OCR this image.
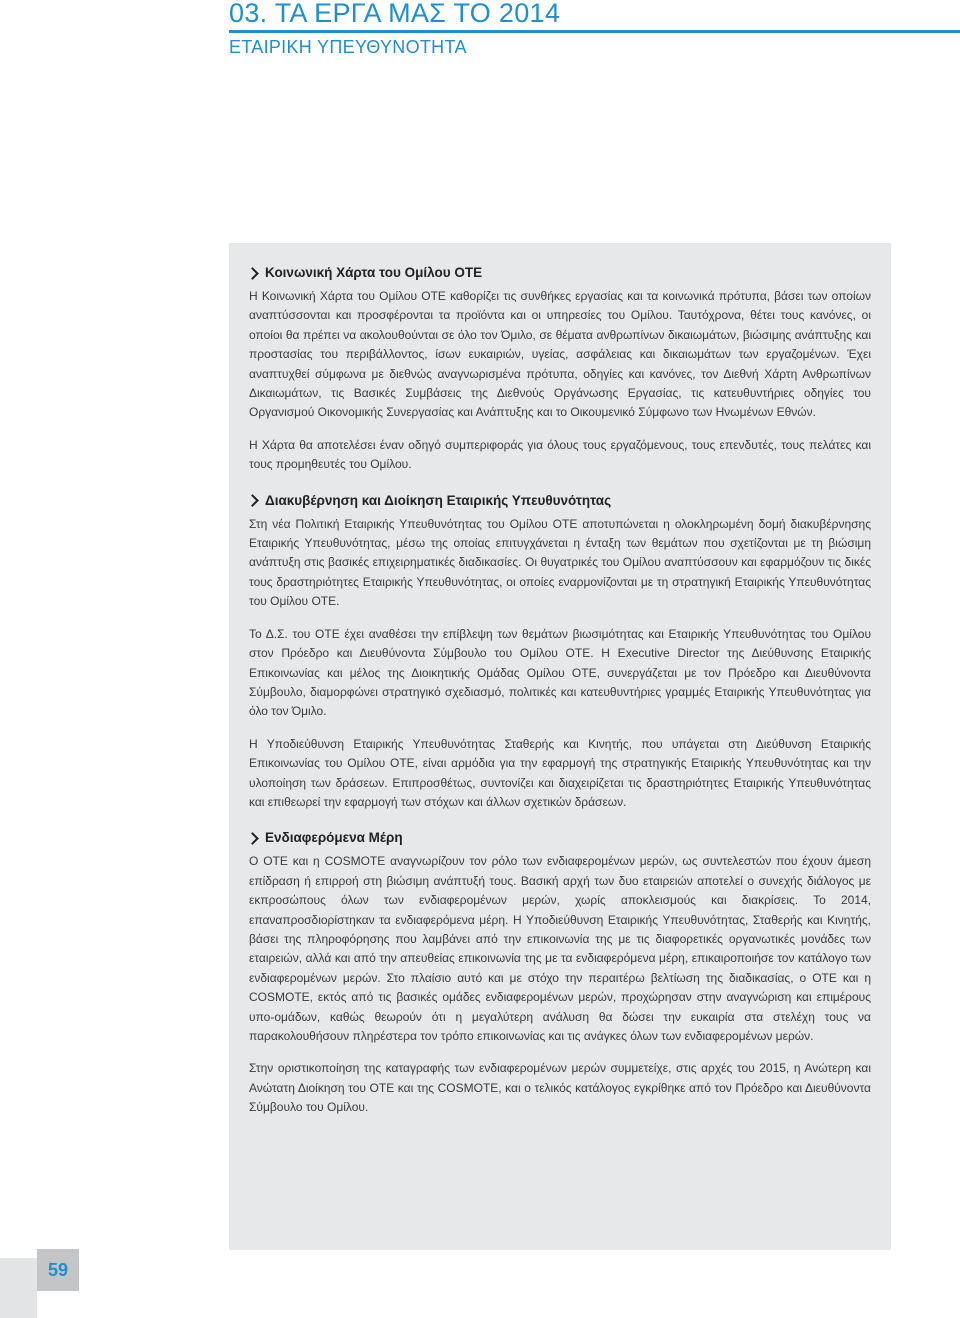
03. ΤΑ ΕΡΓΑ ΜΑΣ ΤΟ 2014
ΕΤΑΙΡΙΚΗ ΥΠΕΥΘΥΝΟΤΗΤΑ
Κοινωνική Χάρτα του Ομίλου ΟΤΕ

Η Κοινωνική Χάρτα του Ομίλου ΟΤΕ καθορίζει τις συνθήκες εργασίας και τα κοινωνικά πρότυπα, βάσει των οποίων αναπτύσσονται και προσφέρονται τα προϊόντα και οι υπηρεσίες του Ομίλου. Ταυτόχρονα, θέτει τους κανόνες, οι οποίοι θα πρέπει να ακολουθούνται σε όλο τον Όμιλο, σε θέματα ανθρωπίνων δικαιωμάτων, βιώσιμης ανάπτυξης και προστασίας του περιβάλλοντος, ίσων ευκαιριών, υγείας, ασφάλειας και δικαιωμάτων των εργαζομένων. Έχει αναπτυχθεί σύμφωνα με διεθνώς αναγνωρισμένα πρότυπα, οδηγίες και κανόνες, τον Διεθνή Χάρτη Ανθρωπίνων Δικαιωμάτων, τις Βασικές Συμβάσεις της Διεθνούς Οργάνωσης Εργασίας, τις κατευθυντήριες οδηγίες του Οργανισμού Οικονομικής Συνεργασίας και Ανάπτυξης και το Οικουμενικό Σύμφωνο των Ηνωμένων Εθνών.

Η Χάρτα θα αποτελέσει έναν οδηγό συμπεριφοράς για όλους τους εργαζόμενους, τους επενδυτές, τους πελάτες και τους προμηθευτές του Ομίλου.

Διακυβέρνηση και Διοίκηση Εταιρικής Υπευθυνότητας

Στη νέα Πολιτική Εταιρικής Υπευθυνότητας του Ομίλου ΟΤΕ αποτυπώνεται η ολοκληρωμένη δομή διακυβέρνησης Εταιρικής Υπευθυνότητας, μέσω της οποίας επιτυγχάνεται η ένταξη των θεμάτων που σχετίζονται με τη βιώσιμη ανάπτυξη στις βασικές επιχειρηματικές διαδικασίες. Οι θυγατρικές του Ομίλου αναπτύσσουν και εφαρμόζουν τις δικές τους δραστηριότητες Εταιρικής Υπευθυνότητας, οι οποίες εναρμονίζονται με τη στρατηγική Εταιρικής Υπευθυνότητας του Ομίλου ΟΤΕ.

Το Δ.Σ. του ΟΤΕ έχει αναθέσει την επίβλεψη των θεμάτων βιωσιμότητας και Εταιρικής Υπευθυνότητας του Ομίλου στον Πρόεδρο και Διευθύνοντα Σύμβουλο του Ομίλου ΟΤΕ. Η Executive Director της Διεύθυνσης Εταιρικής Επικοινωνίας και μέλος της Διοικητικής Ομάδας Ομίλου ΟΤΕ, συνεργάζεται με τον Πρόεδρο και Διευθύνοντα Σύμβουλο, διαμορφώνει στρατηγικό σχεδιασμό, πολιτικές και κατευθυντήριες γραμμές Εταιρικής Υπευθυνότητας για όλο τον Όμιλο.

Η Υποδιεύθυνση Εταιρικής Υπευθυνότητας Σταθερής και Κινητής, που υπάγεται στη Διεύθυνση Εταιρικής Επικοινωνίας του Ομίλου ΟΤΕ, είναι αρμόδια για την εφαρμογή της στρατηγικής Εταιρικής Υπευθυνότητας και την υλοποίηση των δράσεων. Επιπροσθέτως, συντονίζει και διαχειρίζεται τις δραστηριότητες Εταιρικής Υπευθυνότητας και επιθεωρεί την εφαρμογή των στόχων και άλλων σχετικών δράσεων.

Ενδιαφερόμενα Μέρη

Ο ΟΤΕ και η COSMOTE αναγνωρίζουν τον ρόλο των ενδιαφερομένων μερών, ως συντελεστών που έχουν άμεση επίδραση ή επιρροή στη βιώσιμη ανάπτυξή τους. Βασική αρχή των δυο εταιρειών αποτελεί ο συνεχής διάλογος με εκπροσώπους όλων των ενδιαφερομένων μερών, χωρίς αποκλεισμούς και διακρίσεις. Το 2014, επαναπροσδιορίστηκαν τα ενδιαφερόμενα μέρη. Η Υποδιεύθυνση Εταιρικής Υπευθυνότητας, Σταθερής και Κινητής, βάσει της πληροφόρησης που λαμβάνει από την επικοινωνία της με τις διαφορετικές οργανωτικές μονάδες των εταιρειών, αλλά και από την απευθείας επικοινωνία της με τα ενδιαφερόμενα μέρη, επικαιροποιήσε τον κατάλογο των ενδιαφερομένων μερών. Στο πλαίσιο αυτό και με στόχο την περαιτέρω βελτίωση της διαδικασίας, ο ΟΤΕ και η COSMOTE, εκτός από τις βασικές ομάδες ενδιαφερομένων μερών, προχώρησαν στην αναγνώριση και επιμέρους υπο-ομάδων, καθώς θεωρούν ότι η μεγαλύτερη ανάλυση θα δώσει την ευκαιρία στα στελέχη τους να παρακολουθήσουν πληρέστερα τον τρόπο επικοινωνίας και τις ανάγκες όλων των ενδιαφερομένων μερών.

Στην οριστικοποίηση της καταγραφής των ενδιαφερομένων μερών συμμετείχε, στις αρχές του 2015, η Ανώτερη και Ανώτατη Διοίκηση του ΟΤΕ και της COSMOTE, και ο τελικός κατάλογος εγκρίθηκε από τον Πρόεδρο και Διευθύνοντα Σύμβουλο του Ομίλου.

59
